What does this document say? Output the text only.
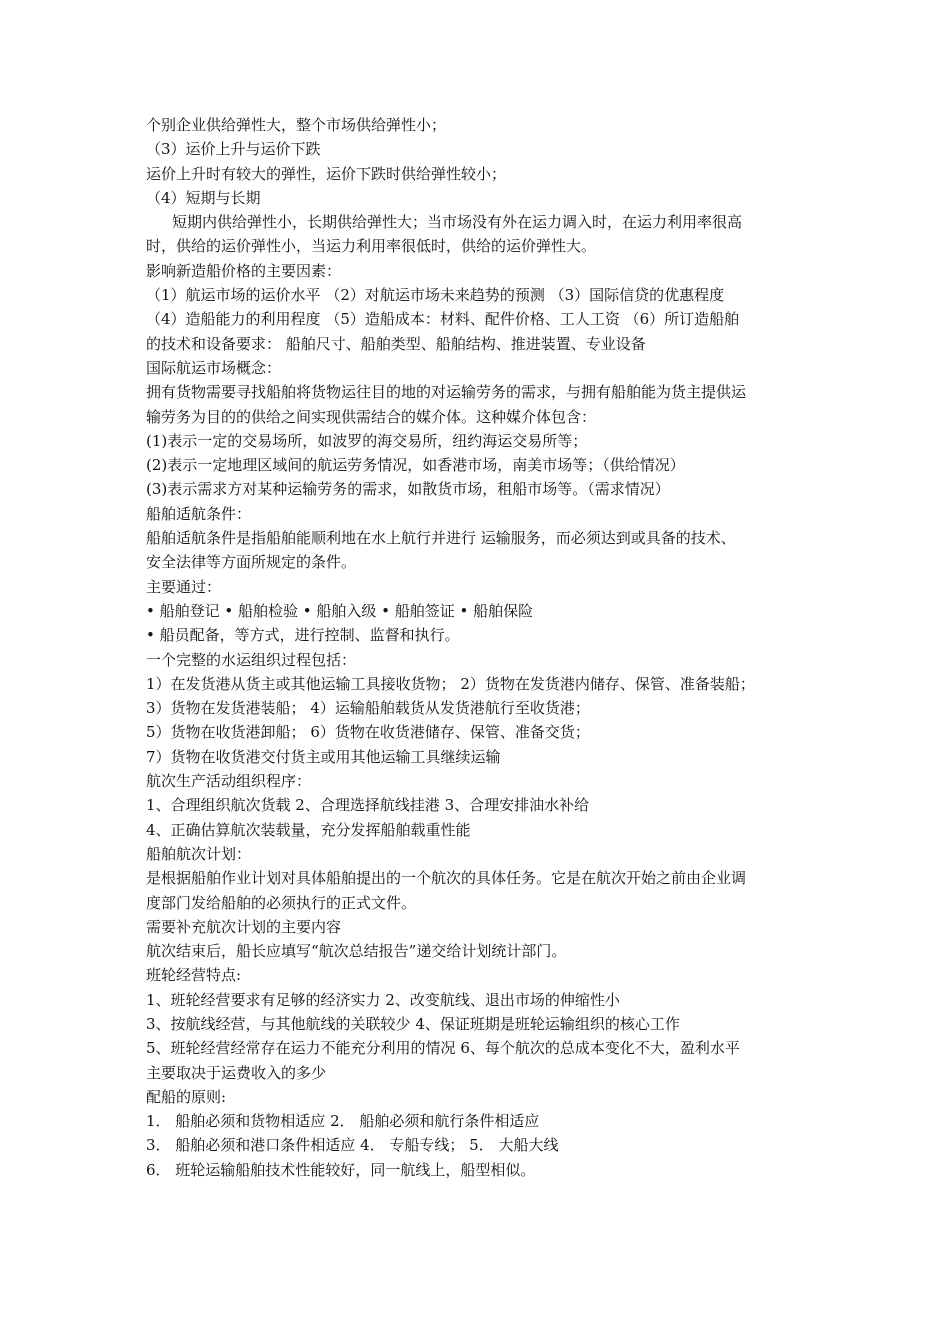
个别企业供给弹性大，整个市场供给弹性小；
（3）运价上升与运价下跌
运价上升时有较大的弹性，运价下跌时供给弹性较小；
（4）短期与长期
短期内供给弹性小，长期供给弹性大；当市场没有外在运力调入时，在运力利用率很高
时，供给的运价弹性小，当运力利用率很低时，供给的运价弹性大。
影响新造船价格的主要因素：
（1）航运市场的运价水平 （2）对航运市场未来趋势的预测 （3）国际信贷的优惠程度
（4）造船能力的利用程度 （5）造船成本：材料、配件价格、工人工资 （6）所订造船舶
的技术和设备要求： 船舶尺寸、船舶类型、船舶结构、推进装置、专业设备
国际航运市场概念：
拥有货物需要寻找船舶将货物运往目的地的对运输劳务的需求，与拥有船舶能为货主提供运
输劳务为目的的供给之间实现供需结合的媒介体。这种媒介体包含：
(1)表示一定的交易场所，如波罗的海交易所，纽约海运交易所等；
(2)表示一定地理区域间的航运劳务情况，如香港市场，南美市场等；（供给情况）
(3)表示需求方对某种运输劳务的需求，如散货市场，租船市场等。（需求情况）
船舶适航条件：
船舶适航条件是指船舶能顺利地在水上航行并进行 运输服务，而必须达到或具备的技术、
安全法律等方面所规定的条件。
主要通过：
• 船舶登记 • 船舶检验 • 船舶入级 • 船舶签证 • 船舶保险
• 船员配备，等方式，进行控制、监督和执行。
一个完整的水运组织过程包括：
1）在发货港从货主或其他运输工具接收货物； 2）货物在发货港内储存、保管、准备装船；
3）货物在发货港装船； 4）运输船舶载货从发货港航行至收货港；
5）货物在收货港卸船； 6）货物在收货港储存、保管、准备交货；
7）货物在收货港交付货主或用其他运输工具继续运输
航次生产活动组织程序：
1、合理组织航次货载 2、合理选择航线挂港 3、合理安排油水补给
4、正确估算航次装载量，充分发挥船舶载重性能
船舶航次计划：
是根据船舶作业计划对具体船舶提出的一个航次的具体任务。它是在航次开始之前由企业调
度部门发给船舶的必须执行的正式文件。
需要补充航次计划的主要内容
航次结束后，船长应填写“航次总结报告”递交给计划统计部门。
班轮经营特点:
1、班轮经营要求有足够的经济实力 2、改变航线、退出市场的伸缩性小
3、按航线经营，与其他航线的关联较少 4、保证班期是班轮运输组织的核心工作
5、班轮经营经常存在运力不能充分利用的情况 6、每个航次的总成本变化不大，盈利水平
主要取决于运费收入的多少
配船的原则:
1． 船舶必须和货物相适应 2． 船舶必须和航行条件相适应
3． 船舶必须和港口条件相适应 4． 专船专线； 5． 大船大线
6． 班轮运输船舶技术性能较好，同一航线上，船型相似。
